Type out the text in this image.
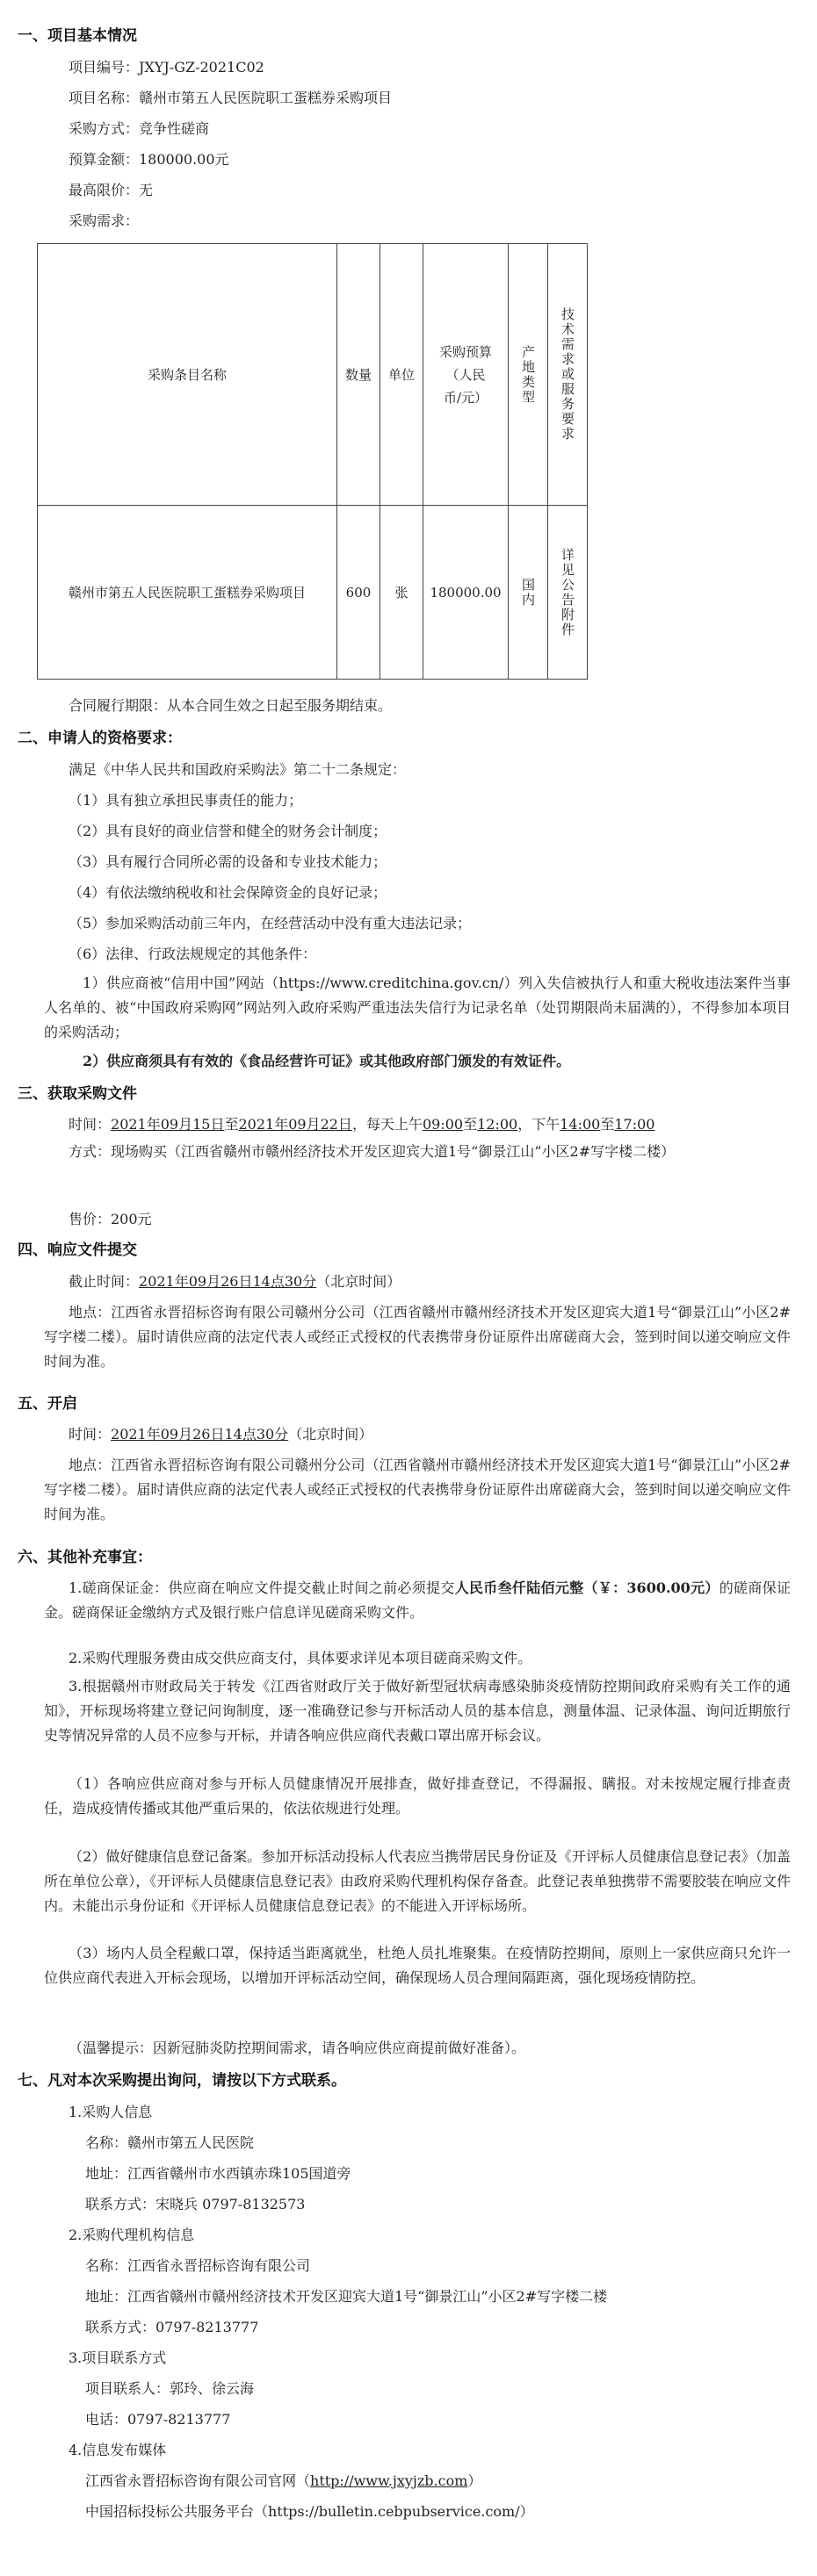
一、项目基本情况
项目编号：JXYJ-GZ-2021C02
项目名称：赣州市第五人民医院职工蛋糕券采购项目
采购方式：竞争性磋商
预算金额：180000.00元
最高限价：无
采购需求：
采购条目名称	数量	单位	采购预算（人民币/元）	产地类型	技术需求或服务要求

赣州市第五人民医院职工蛋糕券采购项目	600	张	180000.00	国内	详见公告附件
合同履行期限：从本合同生效之日起至服务期结束。
二、申请人的资格要求：
满足《中华人民共和国政府采购法》第二十二条规定：
（1）具有独立承担民事责任的能力；
（2）具有良好的商业信誉和健全的财务会计制度；
（3）具有履行合同所必需的设备和专业技术能力；
（4）有依法缴纳税收和社会保障资金的良好记录；
（5）参加采购活动前三年内，在经营活动中没有重大违法记录；
（6）法律、行政法规规定的其他条件：
1）供应商被“信用中国”网站（https://www.creditchina.gov.cn/）列入失信被执行人和重大税收违法案件当事人名单的、被“中国政府采购网”网站列入政府采购严重违法失信行为记录名单（处罚期限尚未届满的），不得参加本项目的采购活动；
2）供应商须具有有效的《食品经营许可证》或其他政府部门颁发的有效证件。
三、获取采购文件
时间：2021年09月15日至2021年09月22日，每天上午09:00至12:00，下午14:00至17:00
方式：现场购买（江西省赣州市赣州经济技术开发区迎宾大道1号“御景江山”小区2#写字楼二楼）
售价：200元
四、响应文件提交
截止时间：2021年09月26日14点30分（北京时间）
地点：江西省永晋招标咨询有限公司赣州分公司（江西省赣州市赣州经济技术开发区迎宾大道1号“御景江山”小区2#写字楼二楼）。届时请供应商的法定代表人或经正式授权的代表携带身份证原件出席磋商大会，签到时间以递交响应文件时间为准。
五、开启
时间：2021年09月26日14点30分（北京时间）
地点：江西省永晋招标咨询有限公司赣州分公司（江西省赣州市赣州经济技术开发区迎宾大道1号“御景江山”小区2#写字楼二楼）。届时请供应商的法定代表人或经正式授权的代表携带身份证原件出席磋商大会，签到时间以递交响应文件时间为准。
六、其他补充事宜：
1.磋商保证金：供应商在响应文件提交截止时间之前必须提交人民币叁仟陆佰元整（￥：3600.00元）的磋商保证金。磋商保证金缴纳方式及银行账户信息详见磋商采购文件。
2.采购代理服务费由成交供应商支付，具体要求详见本项目磋商采购文件。
3.根据赣州市财政局关于转发《江西省财政厅关于做好新型冠状病毒感染肺炎疫情防控期间政府采购有关工作的通知》，开标现场将建立登记问询制度，逐一准确登记参与开标活动人员的基本信息，测量体温、记录体温、询问近期旅行史等情况异常的人员不应参与开标，并请各响应供应商代表戴口罩出席开标会议。
（1）各响应供应商对参与开标人员健康情况开展排查，做好排查登记，不得漏报、瞒报。对未按规定履行排查责任，造成疫情传播或其他严重后果的，依法依规进行处理。
（2）做好健康信息登记备案。参加开标活动投标人代表应当携带居民身份证及《开评标人员健康信息登记表》（加盖所在单位公章），《开评标人员健康信息登记表》由政府采购代理机构保存备查。此登记表单独携带不需要胶装在响应文件内。未能出示身份证和《开评标人员健康信息登记表》的不能进入开评标场所。
（3）场内人员全程戴口罩，保持适当距离就坐，杜绝人员扎堆聚集。在疫情防控期间，原则上一家供应商只允许一位供应商代表进入开标会现场，以增加开评标活动空间，确保现场人员合理间隔距离，强化现场疫情防控。
（温馨提示：因新冠肺炎防控期间需求，请各响应供应商提前做好准备）。
七、凡对本次采购提出询问，请按以下方式联系。
1.采购人信息
名称：赣州市第五人民医院
地址：江西省赣州市水西镇赤珠105国道旁
联系方式：宋晓兵 0797-8132573
2.采购代理机构信息
名称：江西省永晋招标咨询有限公司
地址：江西省赣州市赣州经济技术开发区迎宾大道1号“御景江山”小区2#写字楼二楼
联系方式：0797-8213777
3.项目联系方式
项目联系人：郭玲、徐云海
电话：0797-8213777
4.信息发布媒体
江西省永晋招标咨询有限公司官网（http://www.jxyjzb.com）
中国招标投标公共服务平台（https://bulletin.cebpubservice.com/）
